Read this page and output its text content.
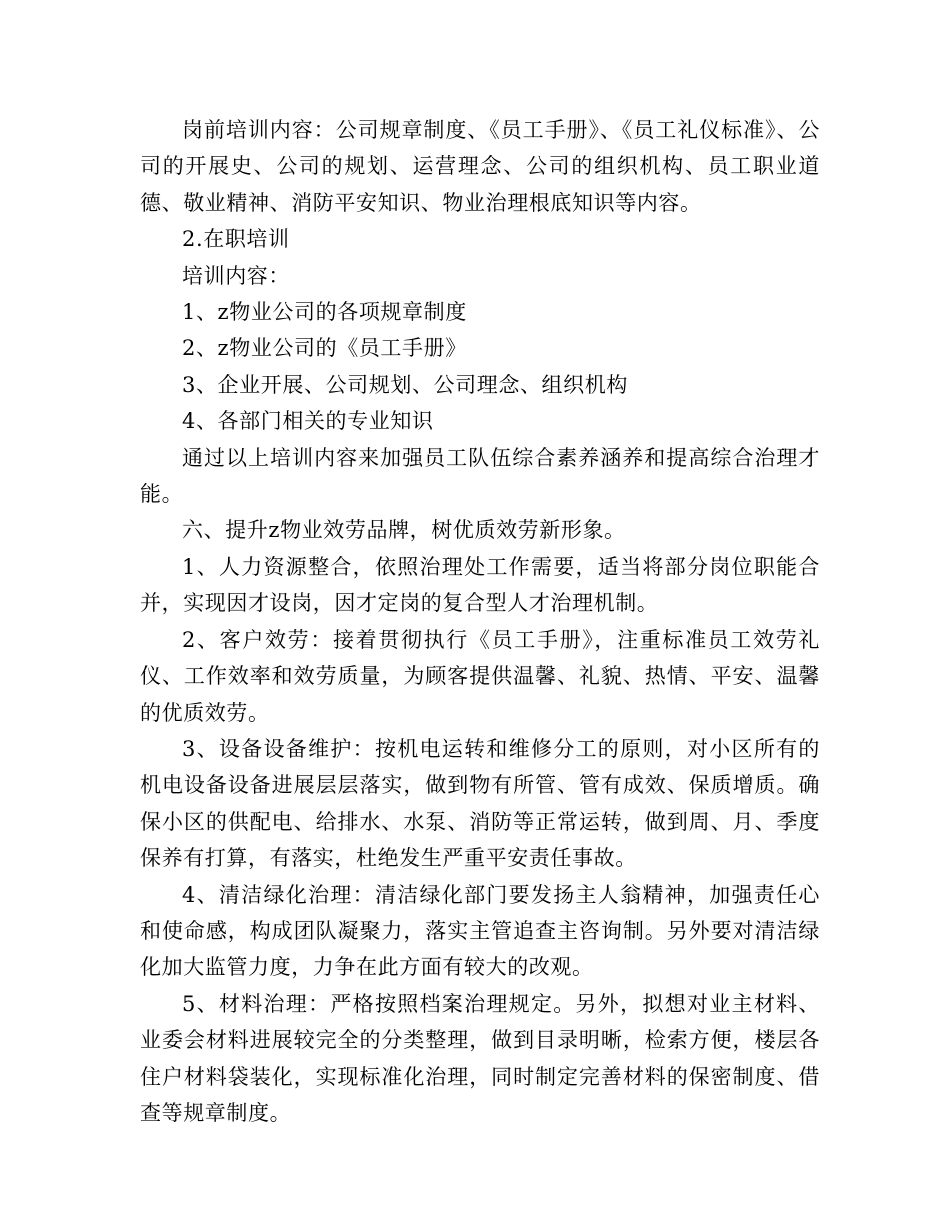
岗前培训内容：公司规章制度、《员工手册》、《员工礼仪标准》、公司的开展史、公司的规划、运营理念、公司的组织机构、员工职业道德、敬业精神、消防平安知识、物业治理根底知识等内容。

2.在职培训

培训内容：

1、z物业公司的各项规章制度

2、z物业公司的《员工手册》

3、企业开展、公司规划、公司理念、组织机构

4、各部门相关的专业知识

通过以上培训内容来加强员工队伍综合素养涵养和提高综合治理才能。

六、提升z物业效劳品牌，树优质效劳新形象。

1、人力资源整合，依照治理处工作需要，适当将部分岗位职能合并，实现因才设岗，因才定岗的复合型人才治理机制。

2、客户效劳：接着贯彻执行《员工手册》，注重标准员工效劳礼仪、工作效率和效劳质量，为顾客提供温馨、礼貌、热情、平安、温馨的优质效劳。

3、设备设备维护：按机电运转和维修分工的原则，对小区所有的机电设备设备进展层层落实，做到物有所管、管有成效、保质增质。确保小区的供配电、给排水、水泵、消防等正常运转，做到周、月、季度保养有打算，有落实，杜绝发生严重平安责任事故。

4、清洁绿化治理：清洁绿化部门要发扬主人翁精神，加强责任心和使命感，构成团队凝聚力，落实主管追查主咨询制。另外要对清洁绿化加大监管力度，力争在此方面有较大的改观。

5、材料治理：严格按照档案治理规定。另外，拟想对业主材料、业委会材料进展较完全的分类整理，做到目录明晰，检索方便，楼层各住户材料袋装化，实现标准化治理，同时制定完善材料的保密制度、借查等规章制度。
